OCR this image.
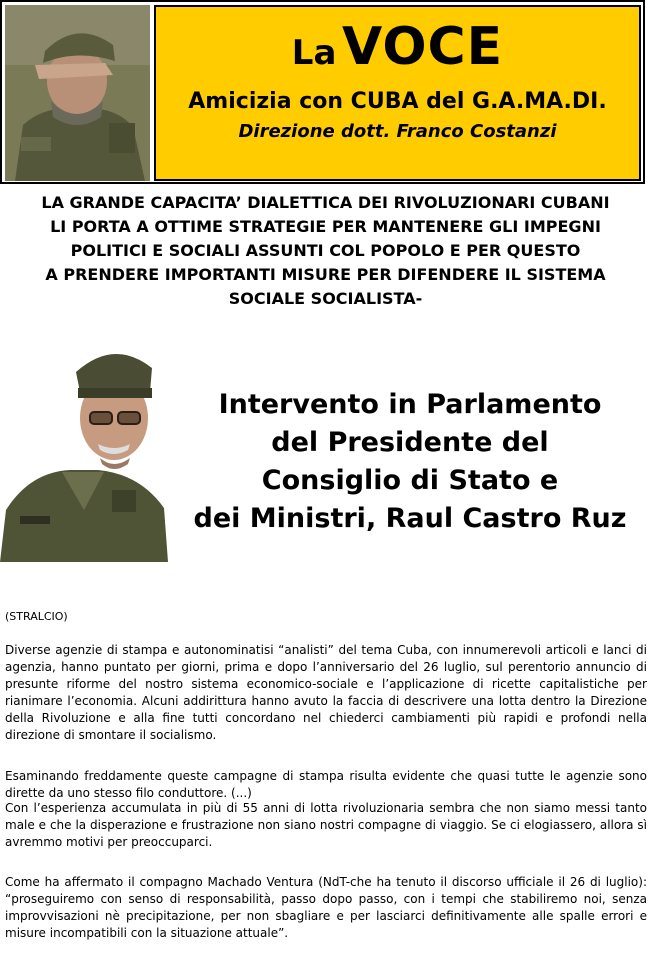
La VOCE
Amicizia con CUBA del G.A.MA.DI.
Direzione dott. Franco Costanzi
LA GRANDE CAPACITA’ DIALETTICA DEI RIVOLUZIONARI CUBANI
LI PORTA A OTTIME STRATEGIE PER MANTENERE GLI IMPEGNI
POLITICI E SOCIALI ASSUNTI COL POPOLO E PER QUESTO
A PRENDERE IMPORTANTI MISURE PER DIFENDERE IL SISTEMA
SOCIALE SOCIALISTA-
Intervento in Parlamento
del Presidente del
Consiglio di Stato e
dei Ministri, Raul Castro Ruz
(STRALCIO)
Diverse agenzie di stampa e autonominatisi “analisti” del tema Cuba, con innumerevoli articoli e lanci di agenzia, hanno puntato per giorni, prima e dopo l’anniversario del 26 luglio, sul perentorio annuncio di presunte riforme del nostro sistema economico-sociale e l’applicazione di ricette capitalistiche per rianimare l’economia. Alcuni addirittura hanno avuto la faccia di descrivere una lotta dentro la Direzione della Rivoluzione e alla fine tutti concordano nel chiederci cambiamenti più rapidi e profondi nella direzione di smontare il socialismo.
Esaminando freddamente queste campagne di stampa risulta evidente che quasi tutte le agenzie sono dirette da uno stesso filo conduttore. (...)
Con l’esperienza accumulata in più di 55 anni di lotta rivoluzionaria sembra che non siamo messi tanto male e che la disperazione e frustrazione non siano nostri compagne di viaggio. Se ci elogiassero, allora sì avremmo motivi per preoccuparci.
Come ha affermato il compagno Machado Ventura (NdT-che ha tenuto il discorso ufficiale il 26 di luglio): “proseguiremo con senso di responsabilità, passo dopo passo, con i tempi che stabiliremo noi, senza improvvisazioni nè precipitazione, per non sbagliare e per lasciarci definitivamente alle spalle errori e misure incompatibili con la situazione attuale”.
